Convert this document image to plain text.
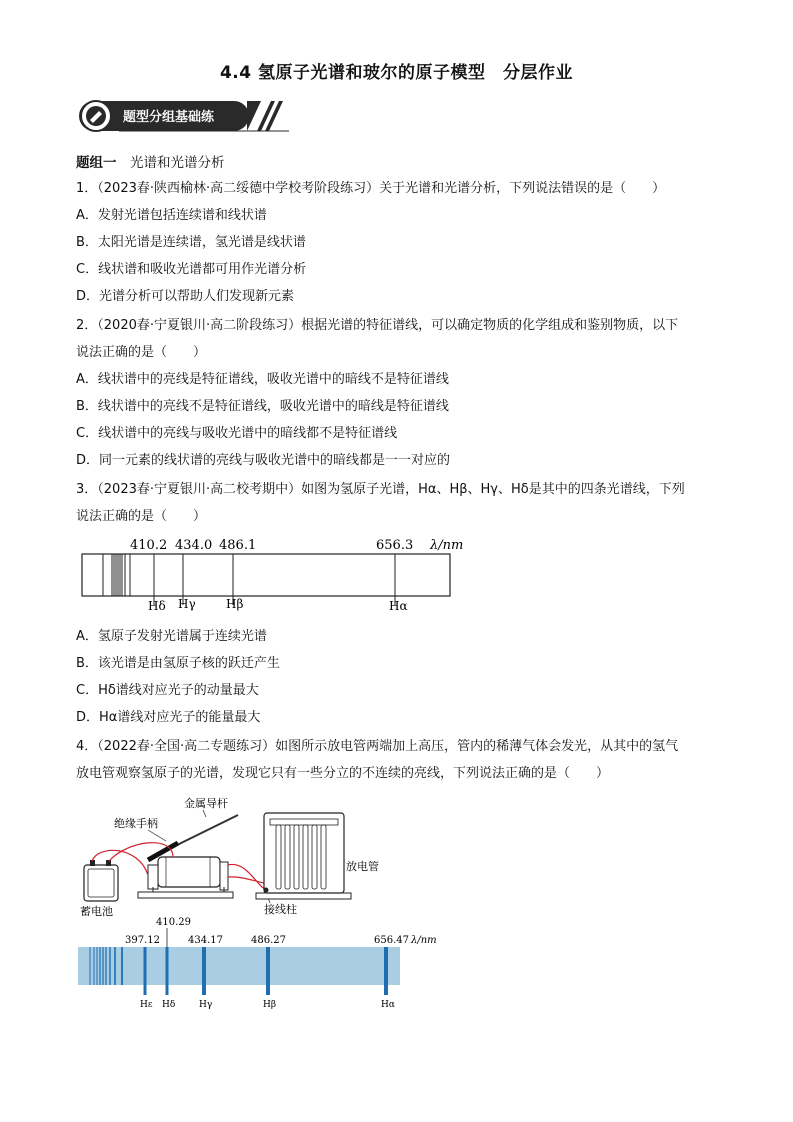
4.4 氢原子光谱和玻尔的原子模型　分层作业
题型分组基础练
题组一　 光谱和光谱分析
1．（2023春·陕西榆林·高二绥德中学校考阶段练习）关于光谱和光谱分析，下列说法错误的是（　　）
A．发射光谱包括连续谱和线状谱
B．太阳光谱是连续谱，氢光谱是线状谱
C．线状谱和吸收光谱都可用作光谱分析
D．光谱分析可以帮助人们发现新元素
2．（2020春·宁夏银川·高二阶段练习）根据光谱的特征谱线，可以确定物质的化学组成和鉴别物质，以下
说法正确的是（　　）
A．线状谱中的亮线是特征谱线，吸收光谱中的暗线不是特征谱线
B．线状谱中的亮线不是特征谱线，吸收光谱中的暗线是特征谱线
C．线状谱中的亮线与吸收光谱中的暗线都不是特征谱线
D．同一元素的线状谱的亮线与吸收光谱中的暗线都是一一对应的
3．（2023春·宁夏银川·高二校考期中）如图为氢原子光谱，Hα、Hβ、Hγ、Hδ是其中的四条光谱线，下列
说法正确的是（　　）
410.2 434.0 486.1	656.3 λ/nm
Hδ Hγ	Hβ	Hα
A．氢原子发射光谱属于连续光谱
B．该光谱是由氢原子核的跃迁产生
C．Hδ谱线对应光子的动量最大
D．Hα谱线对应光子的能量最大
4．（2022春·全国·高二专题练习）如图所示放电管两端加上高压，管内的稀薄气体会发光，从其中的氢气
放电管观察氢原子的光谱，发现它只有一些分立的不连续的亮线，下列说法正确的是（　　）
金属导杆
绝缘手柄
放电管
蓄电池	接线柱
397.12
410.29
434.17	486.27	656.47 λ/nm
Hε Hδ	Hγ	Hβ	Hα
